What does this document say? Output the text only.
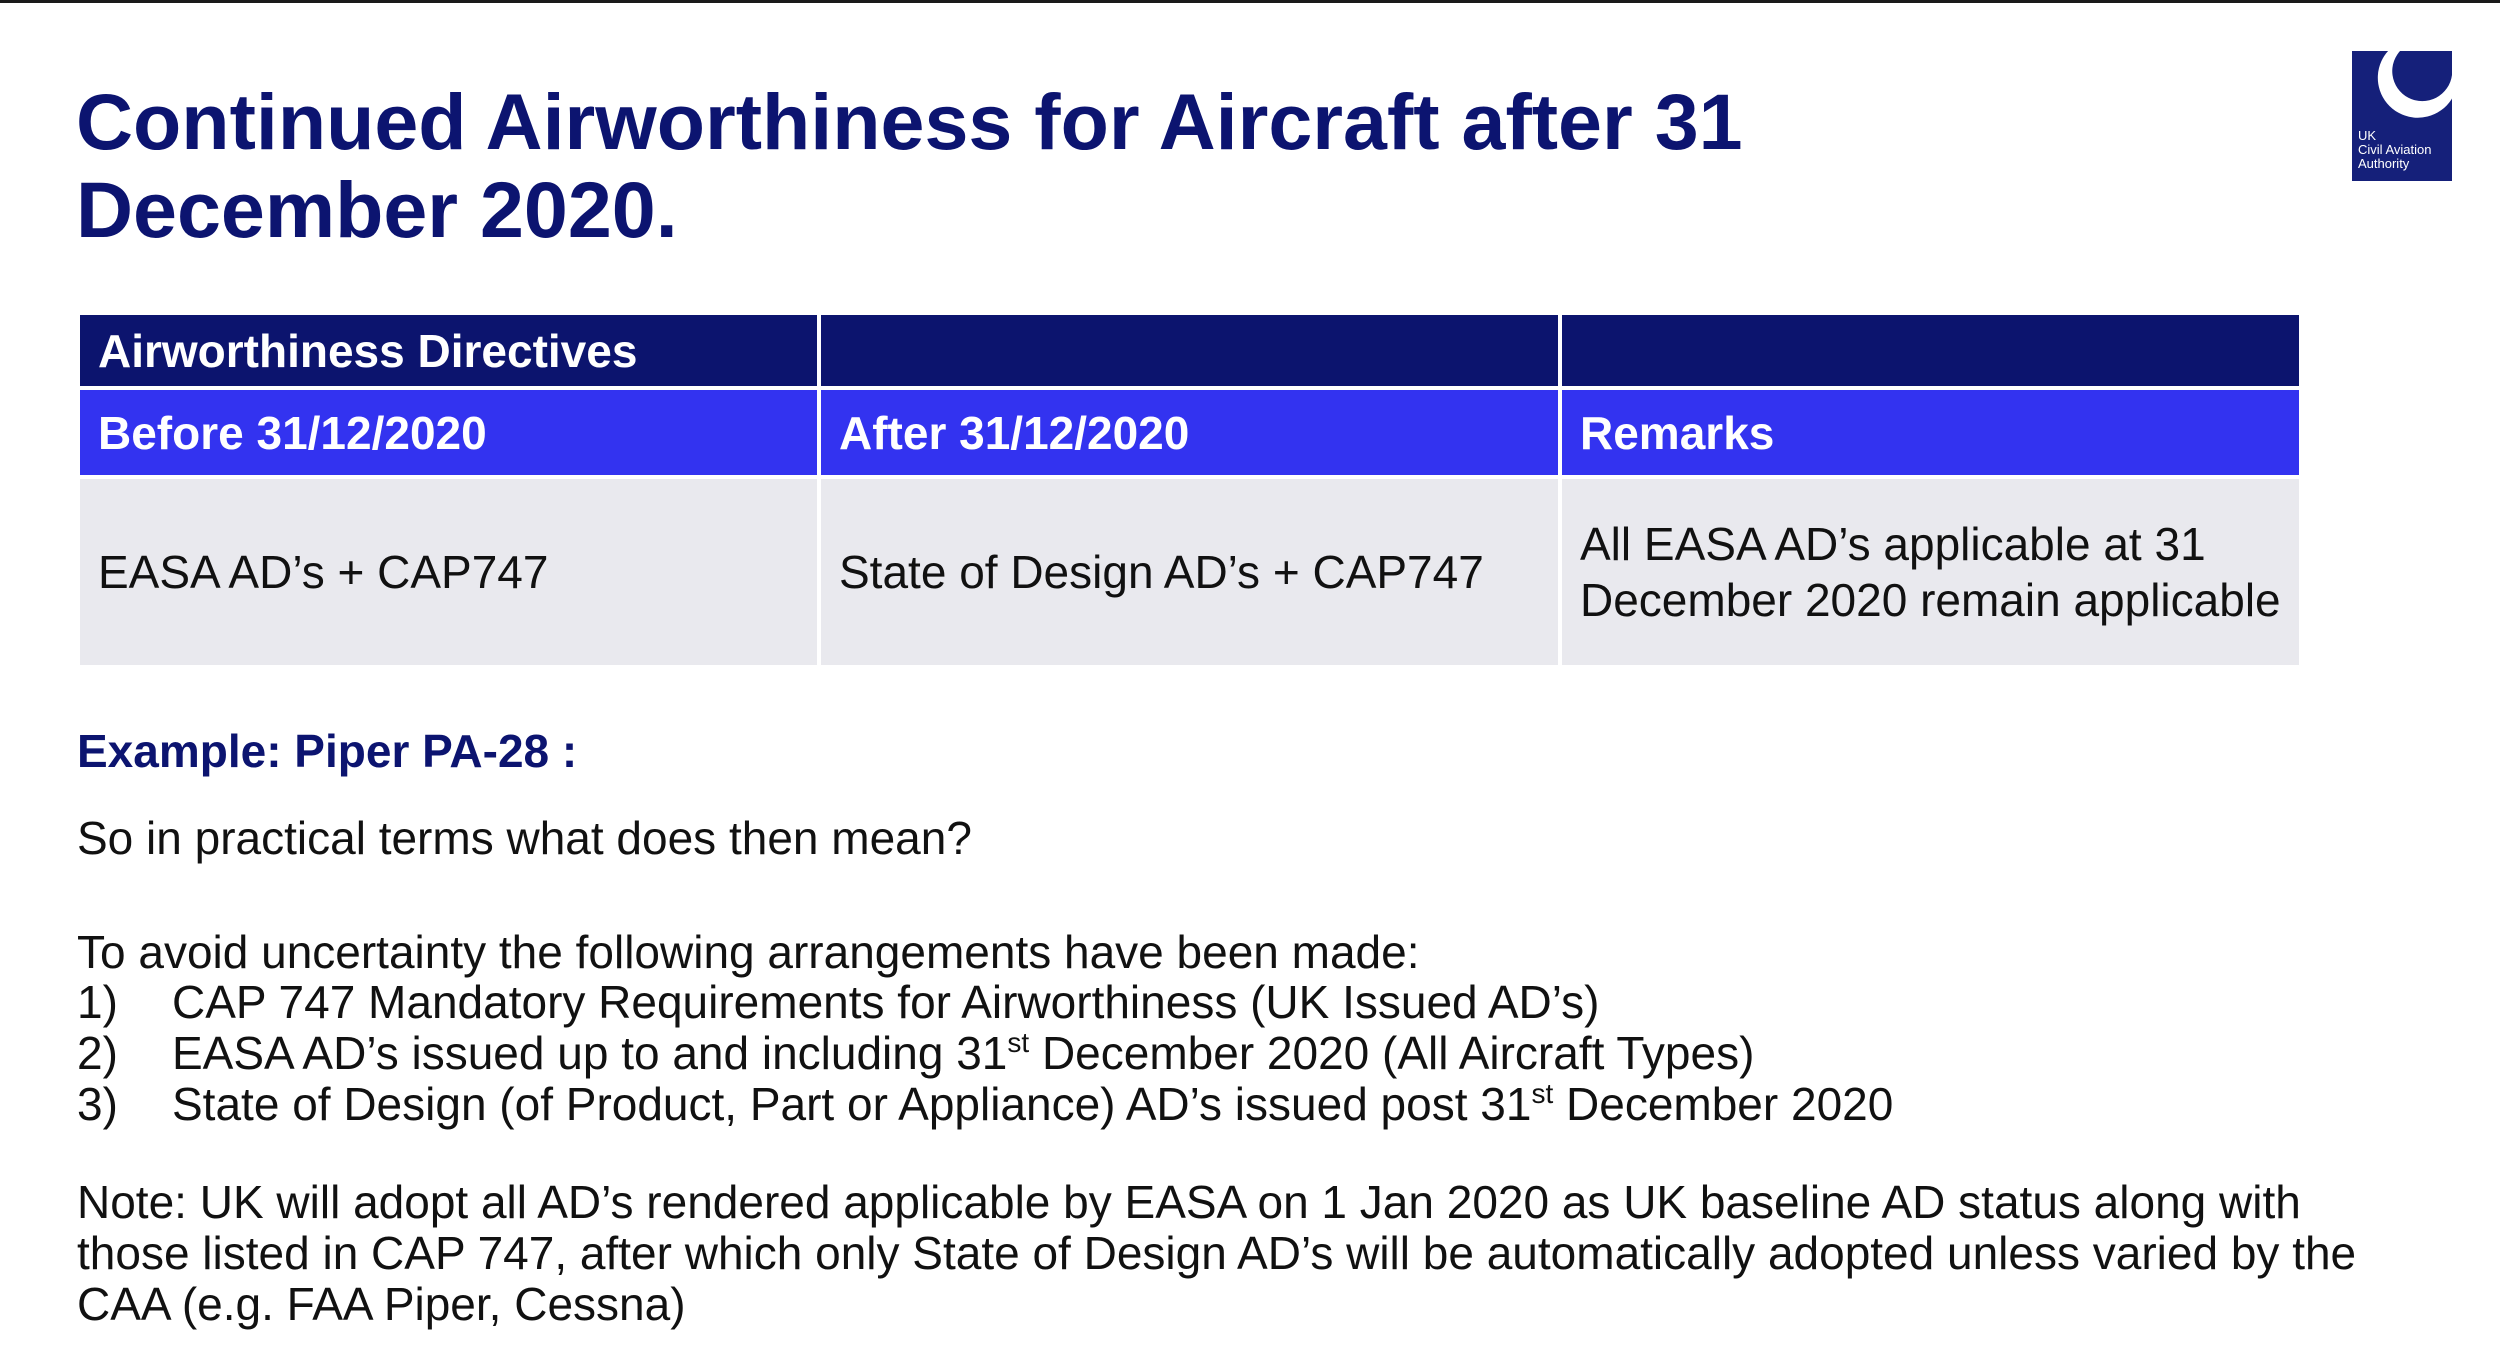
Continued Airworthiness for Aircraft after 31 December 2020.
UK
Civil Aviation
Authority
Airworthiness Directives		
Before 31/12/2020	After 31/12/2020	Remarks
EASA AD’s + CAP747	State of Design AD’s + CAP747	All EASA AD’s applicable at 31 December 2020 remain applicable
Example: Piper PA-28 :
So in practical terms what does then mean?
To avoid uncertainty the following arrangements have been made:
1) CAP 747 Mandatory Requirements for Airworthiness (UK Issued AD’s)
2) EASA AD’s issued up to and including 31st December 2020 (All Aircraft Types)
3) State of Design (of Product, Part or Appliance) AD’s issued post 31st December 2020

Note: UK will adopt all AD’s rendered applicable by EASA on 1 Jan 2020 as UK baseline AD status along with those listed in CAP 747, after which only State of Design AD’s will be automatically adopted unless varied by the CAA (e.g. FAA Piper, Cessna)
